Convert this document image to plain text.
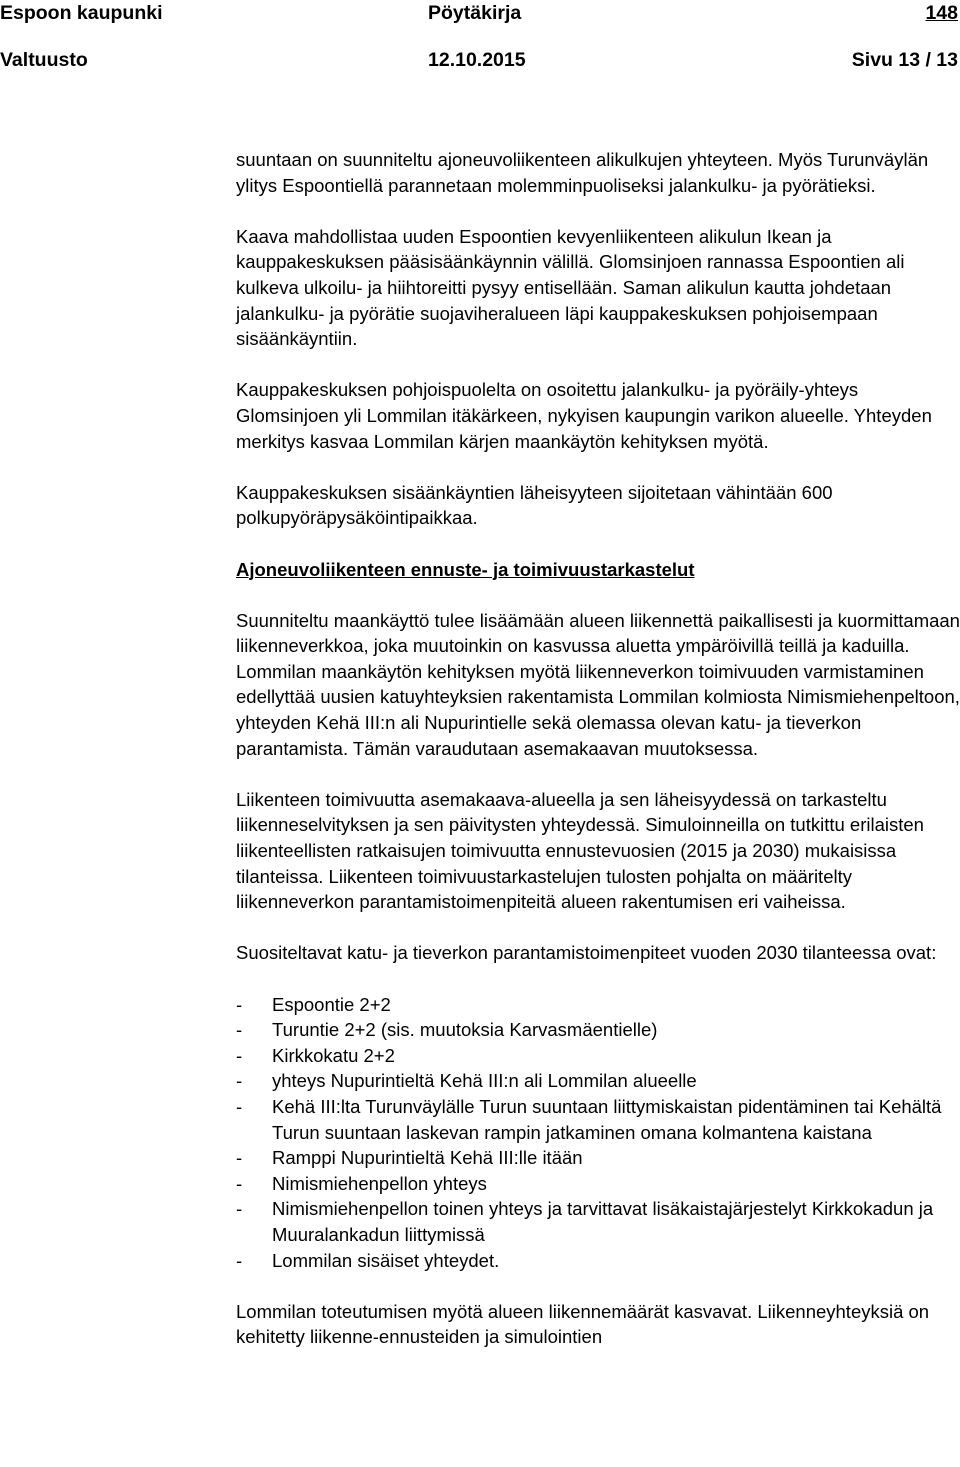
Espoon kaupunki	Pöytäkirja	148
Valtuusto	12.10.2015	Sivu 13 / 13

suuntaan on suunniteltu ajoneuvoliikenteen alikulkujen yhteyteen. Myös Turunväylän ylitys Espoontiellä parannetaan molemminpuoliseksi jalankulku- ja pyörätieksi.

Kaava mahdollistaa uuden Espoontien kevyenliikenteen alikulun Ikean ja kauppakeskuksen pääsisäänkäynnin välillä. Glomsinjoen rannassa Espoontien ali kulkeva ulkoilu- ja hiihtoreitti pysyy entisellään. Saman alikulun kautta johdetaan jalankulku- ja pyörätie suojaviheralueen läpi kauppakeskuksen pohjoisempaan sisäänkäyntiin.

Kauppakeskuksen pohjoispuolelta on osoitettu jalankulku- ja pyöräily-yhteys Glomsinjoen yli Lommilan itäkärkeen, nykyisen kaupungin varikon alueelle. Yhteyden merkitys kasvaa Lommilan kärjen maankäytön kehityksen myötä.

Kauppakeskuksen sisäänkäyntien läheisyyteen sijoitetaan vähintään 600 polkupyöräpysäköintipaikkaa.

Ajoneuvoliikenteen ennuste- ja toimivuustarkastelut

Suunniteltu maankäyttö tulee lisäämään alueen liikennettä paikallisesti ja kuormittamaan liikenneverkkoa, joka muutoinkin on kasvussa aluetta ympäröivillä teillä ja kaduilla. Lommilan maankäytön kehityksen myötä liikenneverkon toimivuuden varmistaminen edellyttää uusien katuyhteyksien rakentamista Lommilan kolmiosta Nimismiehenpeltoon, yhteyden Kehä III:n ali Nupurintielle sekä olemassa olevan katu- ja tieverkon parantamista. Tämän varaudutaan asemakaavan muutoksessa.

Liikenteen toimivuutta asemakaava-alueella ja sen läheisyydessä on tarkasteltu liikenneselvityksen ja sen päivitysten yhteydessä. Simuloinneilla on tutkittu erilaisten liikenteellisten ratkaisujen toimivuutta ennustevuosien (2015 ja 2030) mukaisissa tilanteissa. Liikenteen toimivuustarkastelujen tulosten pohjalta on määritelty liikenneverkon parantamistoimenpiteitä alueen rakentumisen eri vaiheissa.

Suositeltavat katu- ja tieverkon parantamistoimenpiteet vuoden 2030 tilanteessa ovat:

- Espoontie 2+2
- Turuntie 2+2 (sis. muutoksia Karvasmäentielle)
- Kirkkokatu 2+2
- yhteys Nupurintieltä Kehä III:n ali Lommilan alueelle
- Kehä III:lta Turunväylälle Turun suuntaan liittymiskaistan pidentäminen tai Kehältä Turun suuntaan laskevan rampin jatkaminen omana kolmantena kaistana
- Ramppi Nupurintieltä Kehä III:lle itään
- Nimismiehenpellon yhteys
- Nimismiehenpellon toinen yhteys ja tarvittavat lisäkaistajärjestelyt Kirkkokadun ja Muuralankadun liittymissä
- Lommilan sisäiset yhteydet.

Lommilan toteutumisen myötä alueen liikennemäärät kasvavat. Liikenneyhteyksiä on kehitetty liikenne-ennusteiden ja simulointien
